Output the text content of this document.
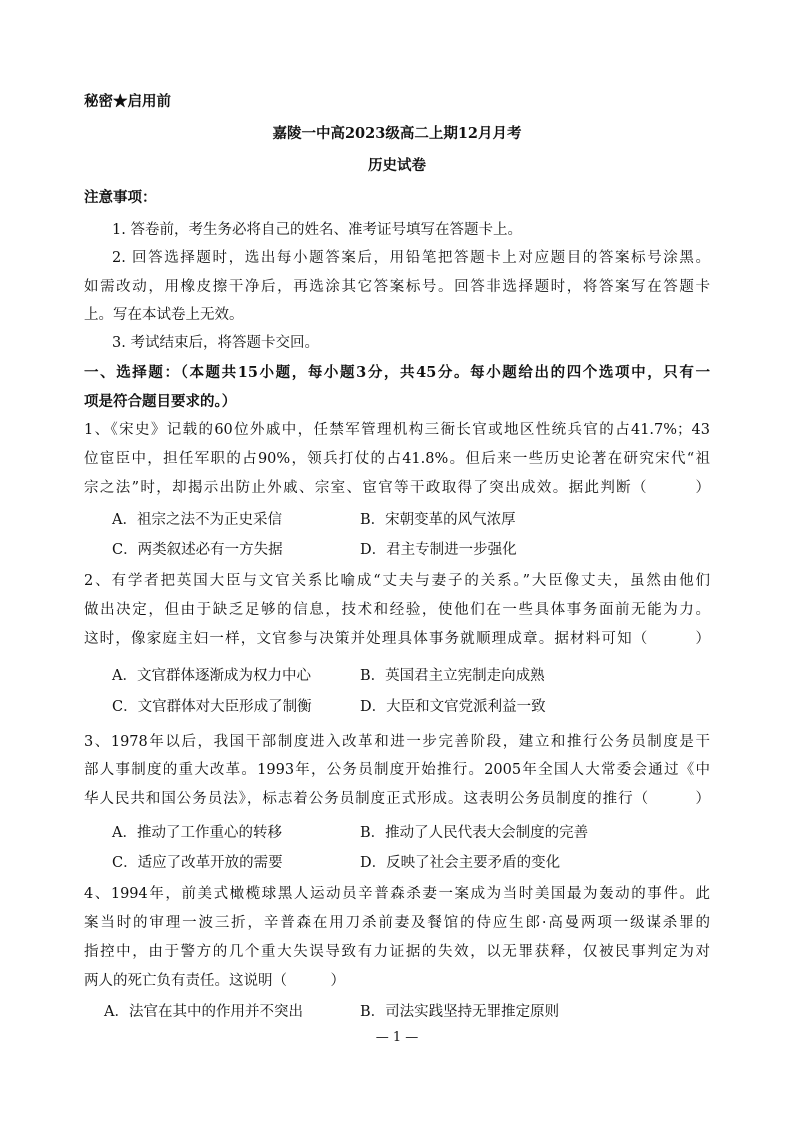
秘密★启用前
嘉陵一中高2023级高二上期12月月考
历史试卷
注意事项：
1. 答卷前，考生务必将自己的姓名、准考证号填写在答题卡上。
2. 回答选择题时，选出每小题答案后，用铅笔把答题卡上对应题目的答案标号涂黑。
如需改动，用橡皮擦干净后，再选涂其它答案标号。回答非选择题时，将答案写在答题卡
上。写在本试卷上无效。
3. 考试结束后，将答题卡交回。
一、选择题：（本题共15小题，每小题3分，共45分。每小题给出的四个选项中，只有一
项是符合题目要求的。）
1、《宋史》记载的60位外戚中，任禁军管理机构三衙长官或地区性统兵官的占41.7%；43
位宦臣中，担任军职的占90%，领兵打仗的占41.8%。但后来一些历史论著在研究宋代“祖
宗之法”时，却揭示出防止外戚、宗室、宦官等干政取得了突出成效。据此判断（　　　）
A．祖宗之法不为正史采信	B．宋朝变革的风气浓厚
C．两类叙述必有一方失据	D．君主专制进一步强化
2、有学者把英国大臣与文官关系比喻成“丈夫与妻子的关系。”大臣像丈夫，虽然由他们
做出决定，但由于缺乏足够的信息，技术和经验，使他们在一些具体事务面前无能为力。
这时，像家庭主妇一样，文官参与决策并处理具体事务就顺理成章。据材料可知（　　　）
A．文官群体逐渐成为权力中心	B．英国君主立宪制走向成熟
C．文官群体对大臣形成了制衡	D．大臣和文官党派利益一致
3、1978年以后，我国干部制度进入改革和进一步完善阶段，建立和推行公务员制度是干
部人事制度的重大改革。1993年，公务员制度开始推行。2005年全国人大常委会通过《中
华人民共和国公务员法》，标志着公务员制度正式形成。这表明公务员制度的推行（　　　）
A．推动了工作重心的转移	B．推动了人民代表大会制度的完善
C．适应了改革开放的需要	D．反映了社会主要矛盾的变化
4、1994年，前美式橄榄球黑人运动员辛普森杀妻一案成为当时美国最为轰动的事件。此
案当时的审理一波三折，辛普森在用刀杀前妻及餐馆的侍应生郎·高曼两项一级谋杀罪的
指控中，由于警方的几个重大失误导致有力证据的失效，以无罪获释，仅被民事判定为对
两人的死亡负有责任。这说明（　　　）
A．法官在其中的作用并不突出	B．司法实践坚持无罪推定原则
— 1 —
